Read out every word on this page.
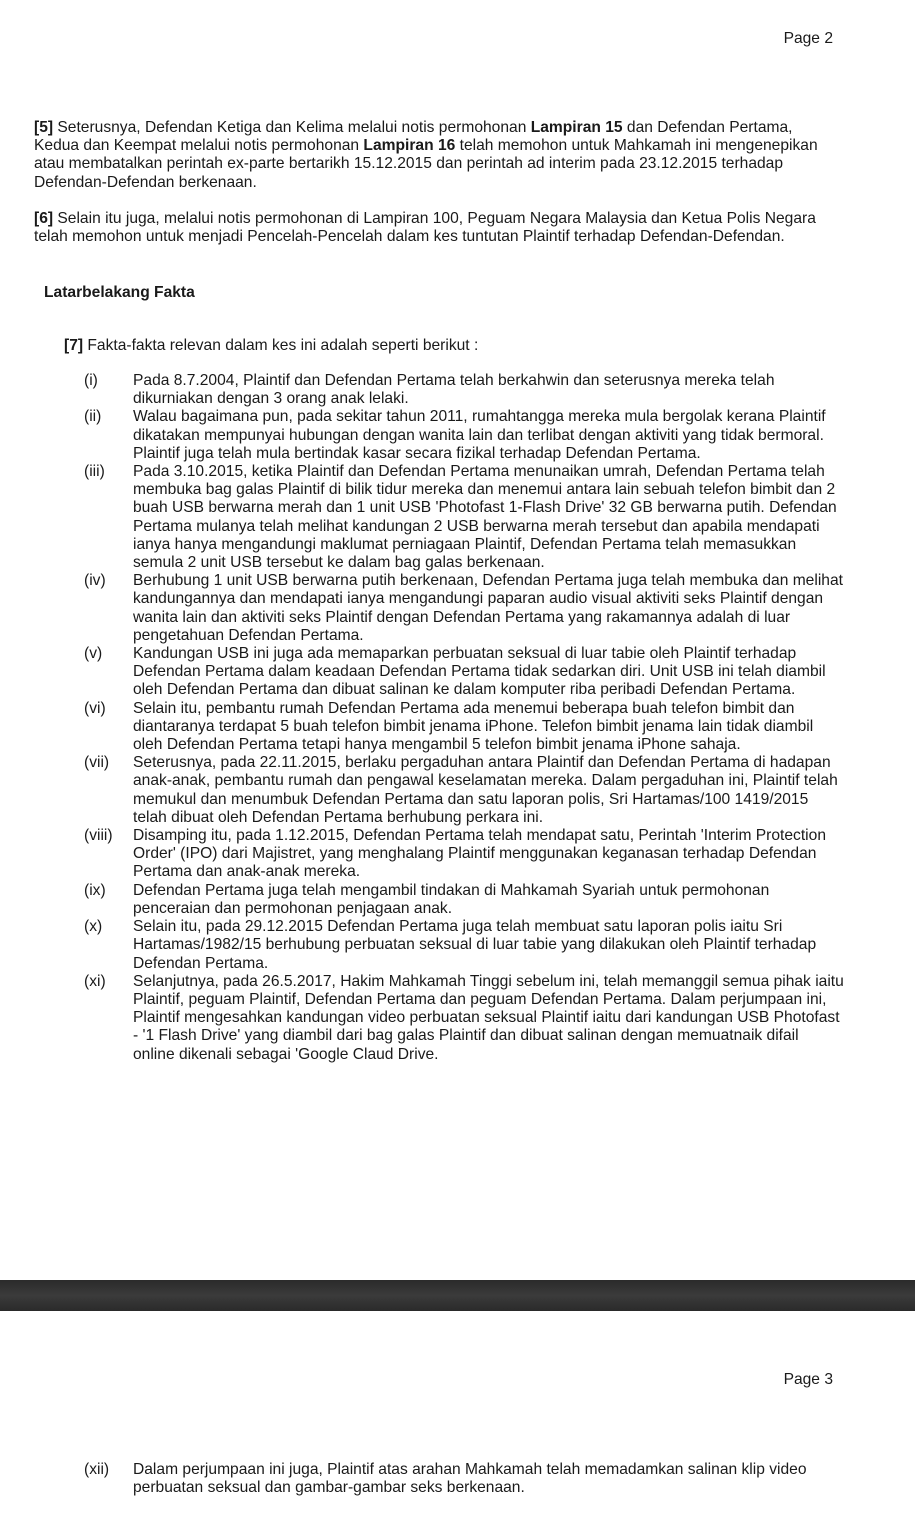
Page 2

[5] Seterusnya, Defendan Ketiga dan Kelima melalui notis permohonan Lampiran 15 dan Defendan Pertama, Kedua dan Keempat melalui notis permohonan Lampiran 16 telah memohon untuk Mahkamah ini mengenepikan atau membatalkan perintah ex-parte bertarikh 15.12.2015 dan perintah ad interim pada 23.12.2015 terhadap Defendan-Defendan berkenaan.

[6] Selain itu juga, melalui notis permohonan di Lampiran 100, Peguam Negara Malaysia dan Ketua Polis Negara telah memohon untuk menjadi Pencelah-Pencelah dalam kes tuntutan Plaintif terhadap Defendan-Defendan.

Latarbelakang Fakta
[7] Fakta-fakta relevan dalam kes ini adalah seperti berikut :
(i) Pada 8.7.2004, Plaintif dan Defendan Pertama telah berkahwin dan seterusnya mereka telah dikurniakan dengan 3 orang anak lelaki.
(ii) Walau bagaimana pun, pada sekitar tahun 2011, rumahtangga mereka mula bergolak kerana Plaintif dikatakan mempunyai hubungan dengan wanita lain dan terlibat dengan aktiviti yang tidak bermoral. Plaintif juga telah mula bertindak kasar secara fizikal terhadap Defendan Pertama.
(iii) Pada 3.10.2015, ketika Plaintif dan Defendan Pertama menunaikan umrah, Defendan Pertama telah membuka bag galas Plaintif di bilik tidur mereka dan menemui antara lain sebuah telefon bimbit dan 2 buah USB berwarna merah dan 1 unit USB 'Photofast 1-Flash Drive' 32 GB berwarna putih. Defendan Pertama mulanya telah melihat kandungan 2 USB berwarna merah tersebut dan apabila mendapati ianya hanya mengandungi maklumat perniagaan Plaintif, Defendan Pertama telah memasukkan semula 2 unit USB tersebut ke dalam bag galas berkenaan.
(iv) Berhubung 1 unit USB berwarna putih berkenaan, Defendan Pertama juga telah membuka dan melihat kandungannya dan mendapati ianya mengandungi paparan audio visual aktiviti seks Plaintif dengan wanita lain dan aktiviti seks Plaintif dengan Defendan Pertama yang rakamannya adalah di luar pengetahuan Defendan Pertama.
(v) Kandungan USB ini juga ada memaparkan perbuatan seksual di luar tabie oleh Plaintif terhadap Defendan Pertama dalam keadaan Defendan Pertama tidak sedarkan diri. Unit USB ini telah diambil oleh Defendan Pertama dan dibuat salinan ke dalam komputer riba peribadi Defendan Pertama.
(vi) Selain itu, pembantu rumah Defendan Pertama ada menemui beberapa buah telefon bimbit dan diantaranya terdapat 5 buah telefon bimbit jenama iPhone. Telefon bimbit jenama lain tidak diambil oleh Defendan Pertama tetapi hanya mengambil 5 telefon bimbit jenama iPhone sahaja.
(vii) Seterusnya, pada 22.11.2015, berlaku pergaduhan antara Plaintif dan Defendan Pertama di hadapan anak-anak, pembantu rumah dan pengawal keselamatan mereka. Dalam pergaduhan ini, Plaintif telah memukul dan menumbuk Defendan Pertama dan satu laporan polis, Sri Hartamas/100 1419/2015 telah dibuat oleh Defendan Pertama berhubung perkara ini.
(viii) Disamping itu, pada 1.12.2015, Defendan Pertama telah mendapat satu, Perintah 'Interim Protection Order' (IPO) dari Majistret, yang menghalang Plaintif menggunakan keganasan terhadap Defendan Pertama dan anak-anak mereka.
(ix) Defendan Pertama juga telah mengambil tindakan di Mahkamah Syariah untuk permohonan penceraian dan permohonan penjagaan anak.
(x) Selain itu, pada 29.12.2015 Defendan Pertama juga telah membuat satu laporan polis iaitu Sri Hartamas/1982/15 berhubung perbuatan seksual di luar tabie yang dilakukan oleh Plaintif terhadap Defendan Pertama.
(xi) Selanjutnya, pada 26.5.2017, Hakim Mahkamah Tinggi sebelum ini, telah memanggil semua pihak iaitu Plaintif, peguam Plaintif, Defendan Pertama dan peguam Defendan Pertama. Dalam perjumpaan ini, Plaintif mengesahkan kandungan video perbuatan seksual Plaintif iaitu dari kandungan USB Photofast - '1 Flash Drive' yang diambil dari bag galas Plaintif dan dibuat salinan dengan memuatnaik difail online dikenali sebagai 'Google Claud Drive.
Page 3
(xii) Dalam perjumpaan ini juga, Plaintif atas arahan Mahkamah telah memadamkan salinan klip video perbuatan seksual dan gambar-gambar seks berkenaan.
